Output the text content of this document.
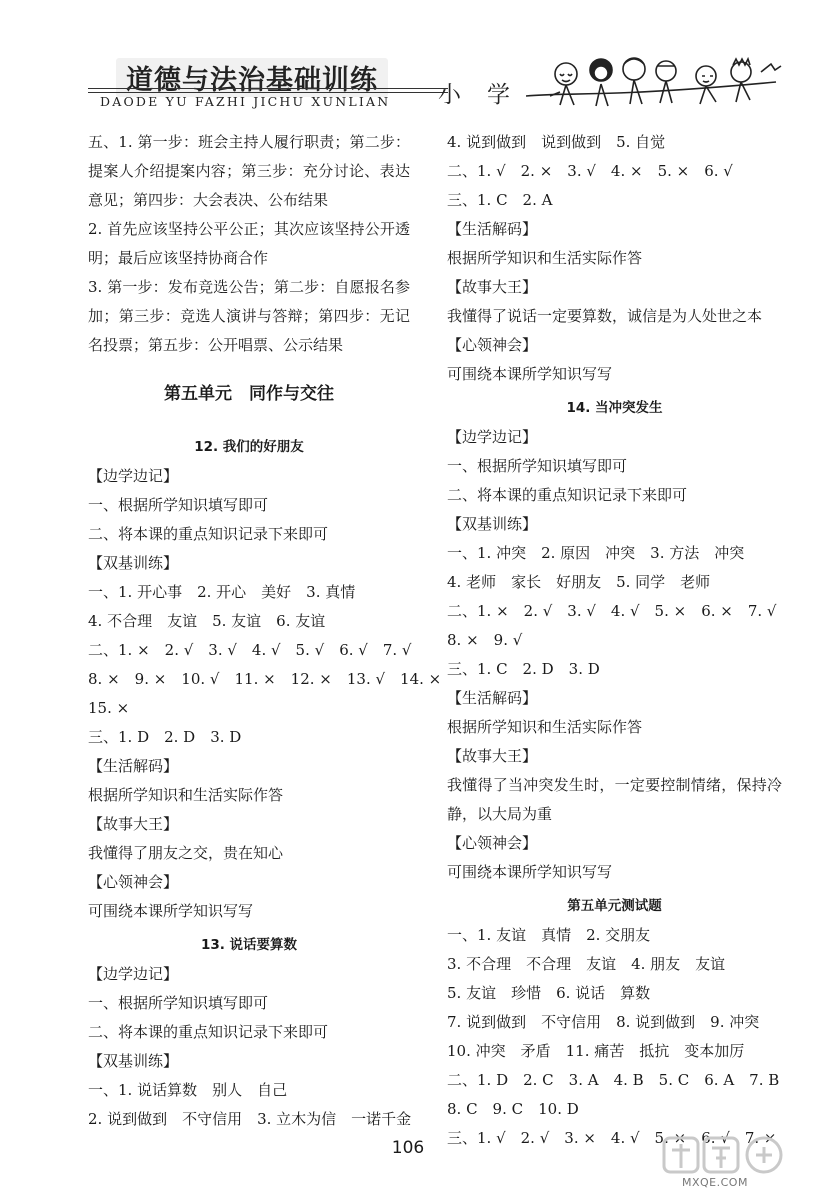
道德与法治基础训练
DAODE YU FAZHI JICHU XUNLIAN 小学

五、1. 第一步：班会主持人履行职责；第二步：提案人介绍提案内容；第三步：充分讨论、表达意见；第四步：大会表决、公布结果

2. 首先应该坚持公平公正；其次应该坚持公开透明；最后应该坚持协商合作

3. 第一步：发布竞选公告；第二步：自愿报名参加；第三步：竞选人演讲与答辩；第四步：无记名投票；第五步：公开唱票、公示结果

第五单元　同作与交往
12. 我们的好朋友
【边学边记】
一、根据所学知识填写即可
二、将本课的重点知识记录下来即可
【双基训练】
一、1. 开心事　2. 开心　美好　3. 真情
4. 不合理　友谊　5. 友谊　6. 友谊
二、1. ×　2. √　3. √　4. √　5. √　6. √　7. √
8. ×　9. ×　10. √　11. ×　12. ×　13. √　14. ×
15. ×
三、1. D　2. D　3. D
【生活解码】
根据所学知识和生活实际作答
【故事大王】
我懂得了朋友之交，贵在知心
【心领神会】
可围绕本课所学知识写写
13. 说话要算数
【边学边记】
一、根据所学知识填写即可
二、将本课的重点知识记录下来即可
【双基训练】
一、1. 说话算数　别人　自己
2. 说到做到　不守信用　3. 立木为信　一诺千金
4. 说到做到　说到做到　5. 自觉
二、1. √　2. ×　3. √　4. ×　5. ×　6. √
三、1. C　2. A
【生活解码】
根据所学知识和生活实际作答
【故事大王】
我懂得了说话一定要算数，诚信是为人处世之本
【心领神会】
可围绕本课所学知识写写
14. 当冲突发生
【边学边记】
一、根据所学知识填写即可
二、将本课的重点知识记录下来即可
【双基训练】
一、1. 冲突　2. 原因　冲突　3. 方法　冲突
4. 老师　家长　好朋友　5. 同学　老师
二、1. ×　2. √　3. √　4. √　5. ×　6. ×　7. √
8. ×　9. √
三、1. C　2. D　3. D
【生活解码】
根据所学知识和生活实际作答
【故事大王】

我懂得了当冲突发生时，一定要控制情绪，保持冷静，以大局为重

【心领神会】
可围绕本课所学知识写写
第五单元测试题
一、1. 友谊　真情　2. 交朋友
3. 不合理　不合理　友谊　4. 朋友　友谊
5. 友谊　珍惜　6. 说话　算数
7. 说到做到　不守信用　8. 说到做到　9. 冲突
10. 冲突　矛盾　11. 痛苦　抵抗　变本加厉
二、1. D　2. C　3. A　4. B　5. C　6. A　7. B
8. C　9. C　10. D
三、1. √　2. √　3. ×　4. √　5. ×　6. √　7. ×
106
MXQE.COM
